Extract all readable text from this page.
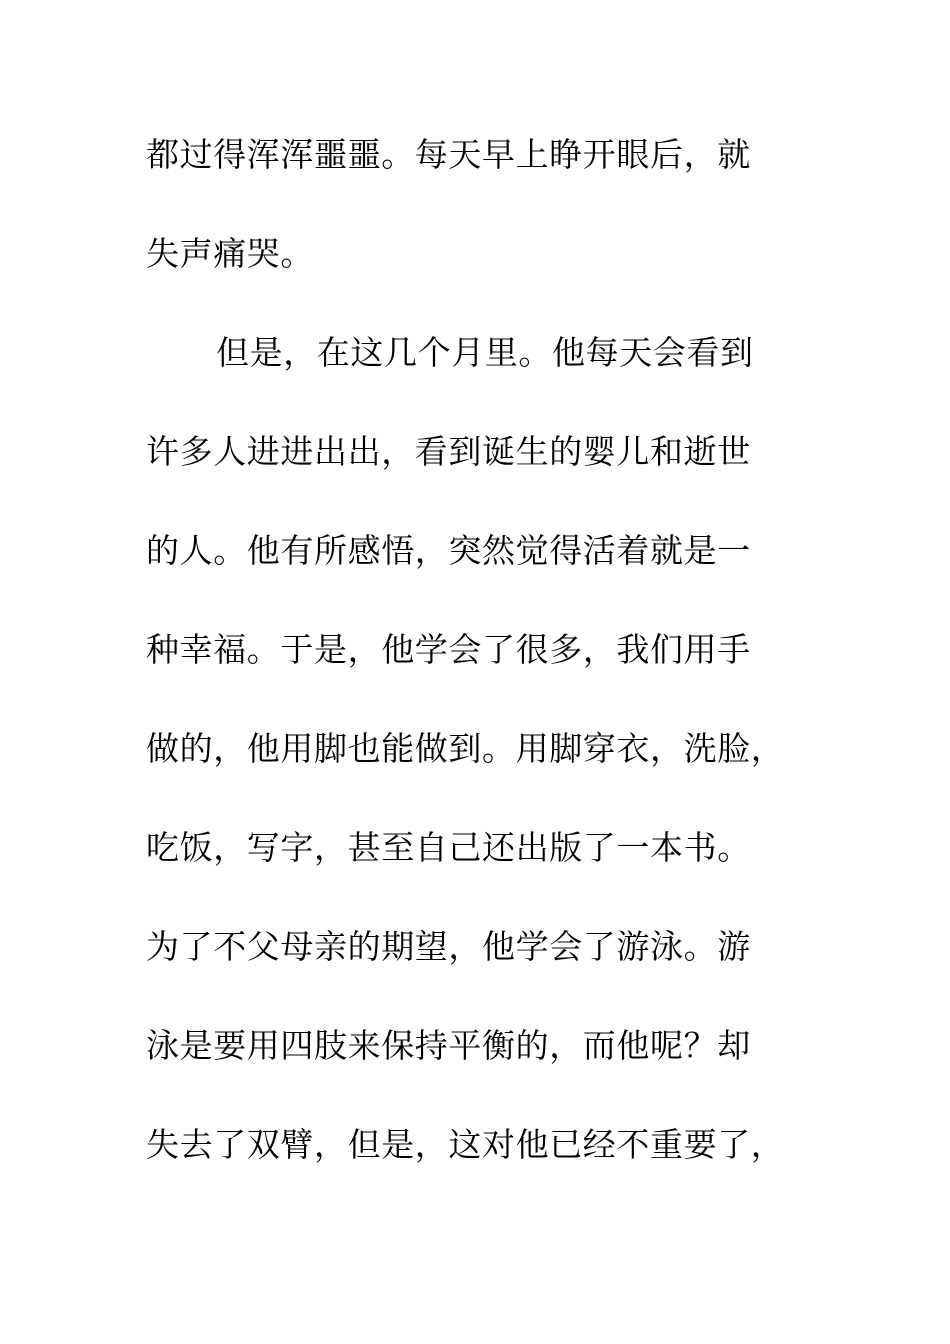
都过得浑浑噩噩。每天早上睁开眼后，就
失声痛哭。
但是，在这几个月里。他每天会看到
许多人进进出出，看到诞生的婴儿和逝世
的人。他有所感悟，突然觉得活着就是一
种幸福。于是，他学会了很多，我们用手
做的，他用脚也能做到。用脚穿衣，洗脸，
吃饭，写字，甚至自己还出版了一本书。
为了不父母亲的期望，他学会了游泳。游
泳是要用四肢来保持平衡的，而他呢？却
失去了双臂，但是，这对他已经不重要了，
